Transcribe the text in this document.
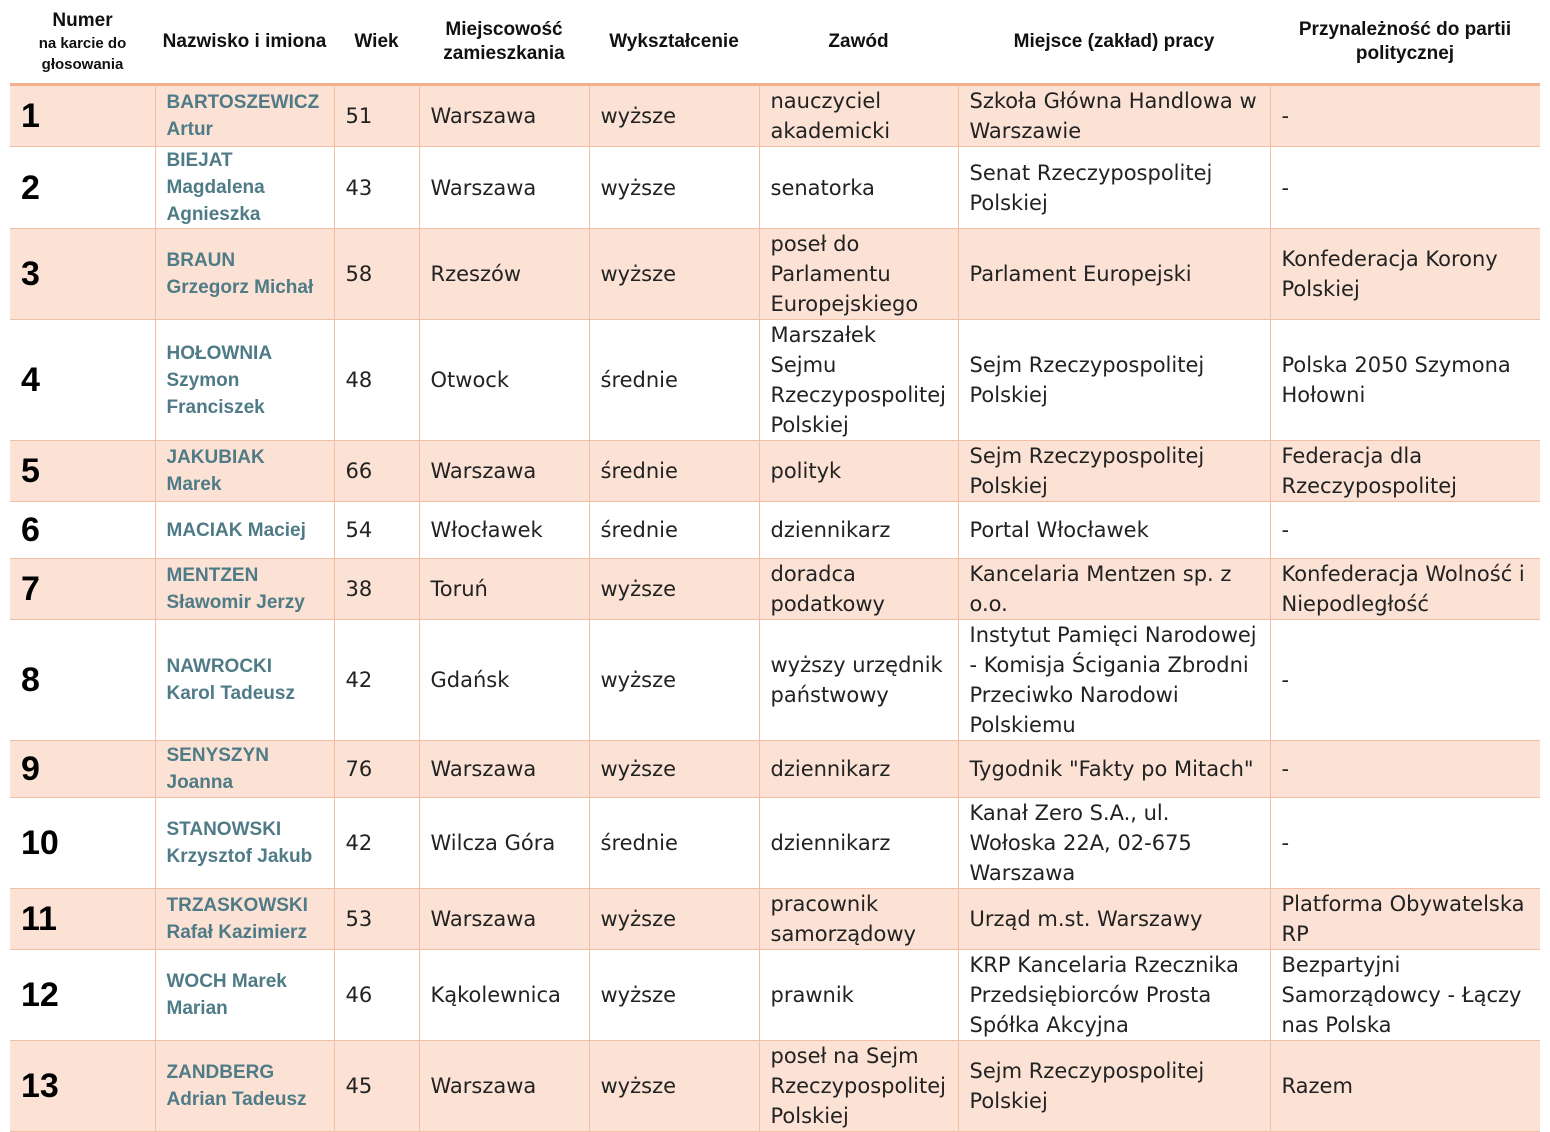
Numer
na karcie do głosowania	Nazwisko i imiona	Wiek	Miejscowość zamieszkania	Wykształcenie	Zawód	Miejsce (zakład) pracy	Przynależność do partii politycznej
1	BARTOSZEWICZ Artur	51	Warszawa	wyższe	nauczyciel akademicki	Szkoła Główna Handlowa w Warszawie	-
2	BIEJAT Magdalena Agnieszka	43	Warszawa	wyższe	senatorka	Senat Rzeczypospolitej Polskiej	-
3	BRAUN Grzegorz Michał	58	Rzeszów	wyższe	poseł do Parlamentu Europejskiego	Parlament Europejski	Konfederacja Korony Polskiej
4	HOŁOWNIA Szymon Franciszek	48	Otwock	średnie	Marszałek Sejmu Rzeczypospolitej Polskiej	Sejm Rzeczypospolitej Polskiej	Polska 2050 Szymona Hołowni
5	JAKUBIAK Marek	66	Warszawa	średnie	polityk	Sejm Rzeczypospolitej Polskiej	Federacja dla Rzeczypospolitej
6	MACIAK Maciej	54	Włocławek	średnie	dziennikarz	Portal Włocławek	-
7	MENTZEN Sławomir Jerzy	38	Toruń	wyższe	doradca podatkowy	Kancelaria Mentzen sp. z o.o.	Konfederacja Wolność i Niepodległość
8	NAWROCKI Karol Tadeusz	42	Gdańsk	wyższe	wyższy urzędnik państwowy	Instytut Pamięci Narodowej - Komisja Ścigania Zbrodni Przeciwko Narodowi Polskiemu	-
9	SENYSZYN Joanna	76	Warszawa	wyższe	dziennikarz	Tygodnik "Fakty po Mitach"	-
10	STANOWSKI Krzysztof Jakub	42	Wilcza Góra	średnie	dziennikarz	Kanał Zero S.A., ul. Wołoska 22A, 02-675 Warszawa	-
11	TRZASKOWSKI Rafał Kazimierz	53	Warszawa	wyższe	pracownik samorządowy	Urząd m.st. Warszawy	Platforma Obywatelska RP
12	WOCH Marek Marian	46	Kąkolewnica	wyższe	prawnik	KRP Kancelaria Rzecznika Przedsiębiorców Prosta Spółka Akcyjna	Bezpartyjni Samorządowcy - Łączy nas Polska
13	ZANDBERG Adrian Tadeusz	45	Warszawa	wyższe	poseł na Sejm Rzeczypospolitej Polskiej	Sejm Rzeczypospolitej Polskiej	Razem
